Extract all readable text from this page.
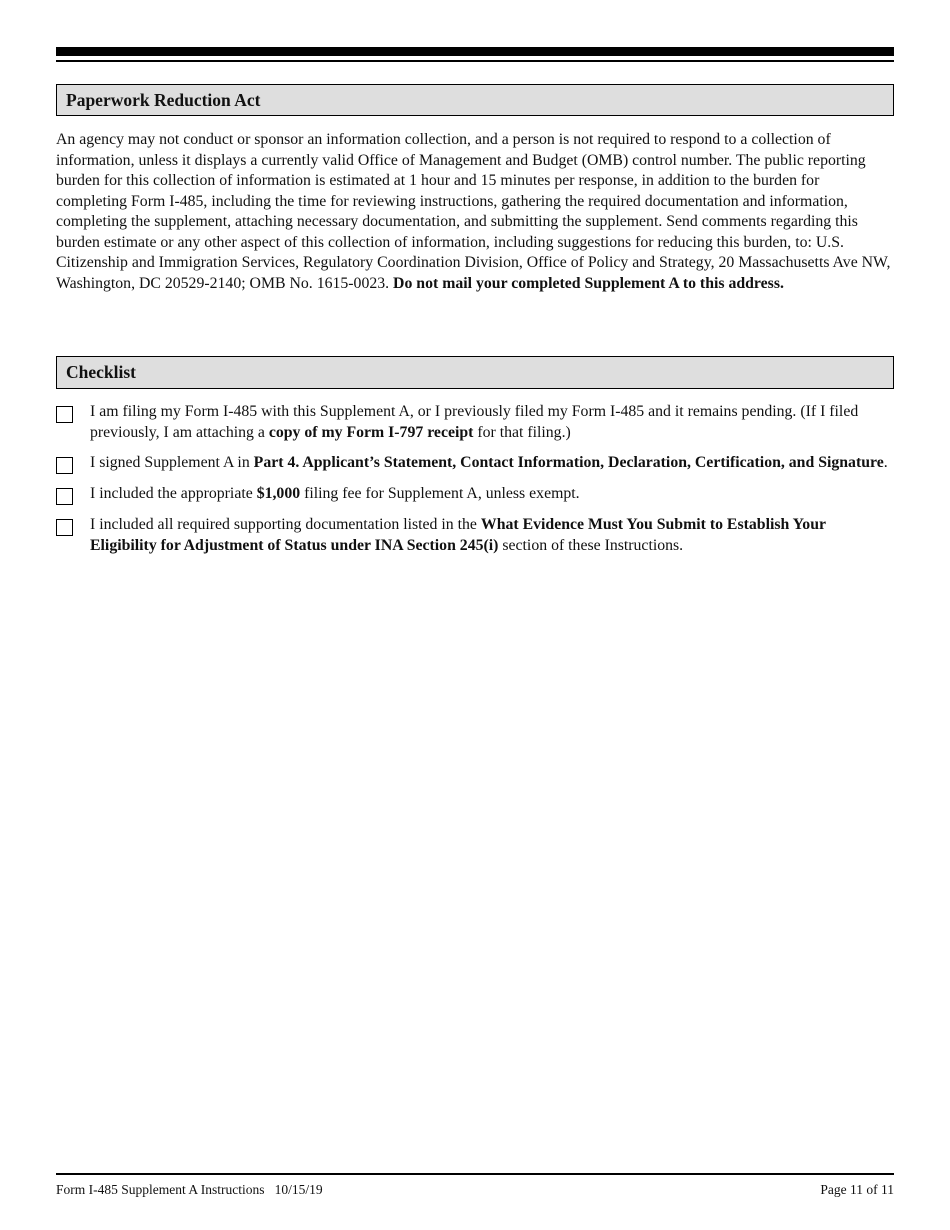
Paperwork Reduction Act
An agency may not conduct or sponsor an information collection, and a person is not required to respond to a collection of information, unless it displays a currently valid Office of Management and Budget (OMB) control number. The public reporting burden for this collection of information is estimated at 1 hour and 15 minutes per response, in addition to the burden for completing Form I-485, including the time for reviewing instructions, gathering the required documentation and information, completing the supplement, attaching necessary documentation, and submitting the supplement. Send comments regarding this burden estimate or any other aspect of this collection of information, including suggestions for reducing this burden, to: U.S. Citizenship and Immigration Services, Regulatory Coordination Division, Office of Policy and Strategy, 20 Massachusetts Ave NW, Washington, DC 20529-2140; OMB No. 1615-0023. Do not mail your completed Supplement A to this address.
Checklist
I am filing my Form I-485 with this Supplement A, or I previously filed my Form I-485 and it remains pending. (If I filed previously, I am attaching a copy of my Form I-797 receipt for that filing.)
I signed Supplement A in Part 4. Applicant’s Statement, Contact Information, Declaration, Certification, and Signature.
I included the appropriate $1,000 filing fee for Supplement A, unless exempt.
I included all required supporting documentation listed in the What Evidence Must You Submit to Establish Your Eligibility for Adjustment of Status under INA Section 245(i) section of these Instructions.
Form I-485 Supplement A Instructions   10/15/19	Page 11 of 11
